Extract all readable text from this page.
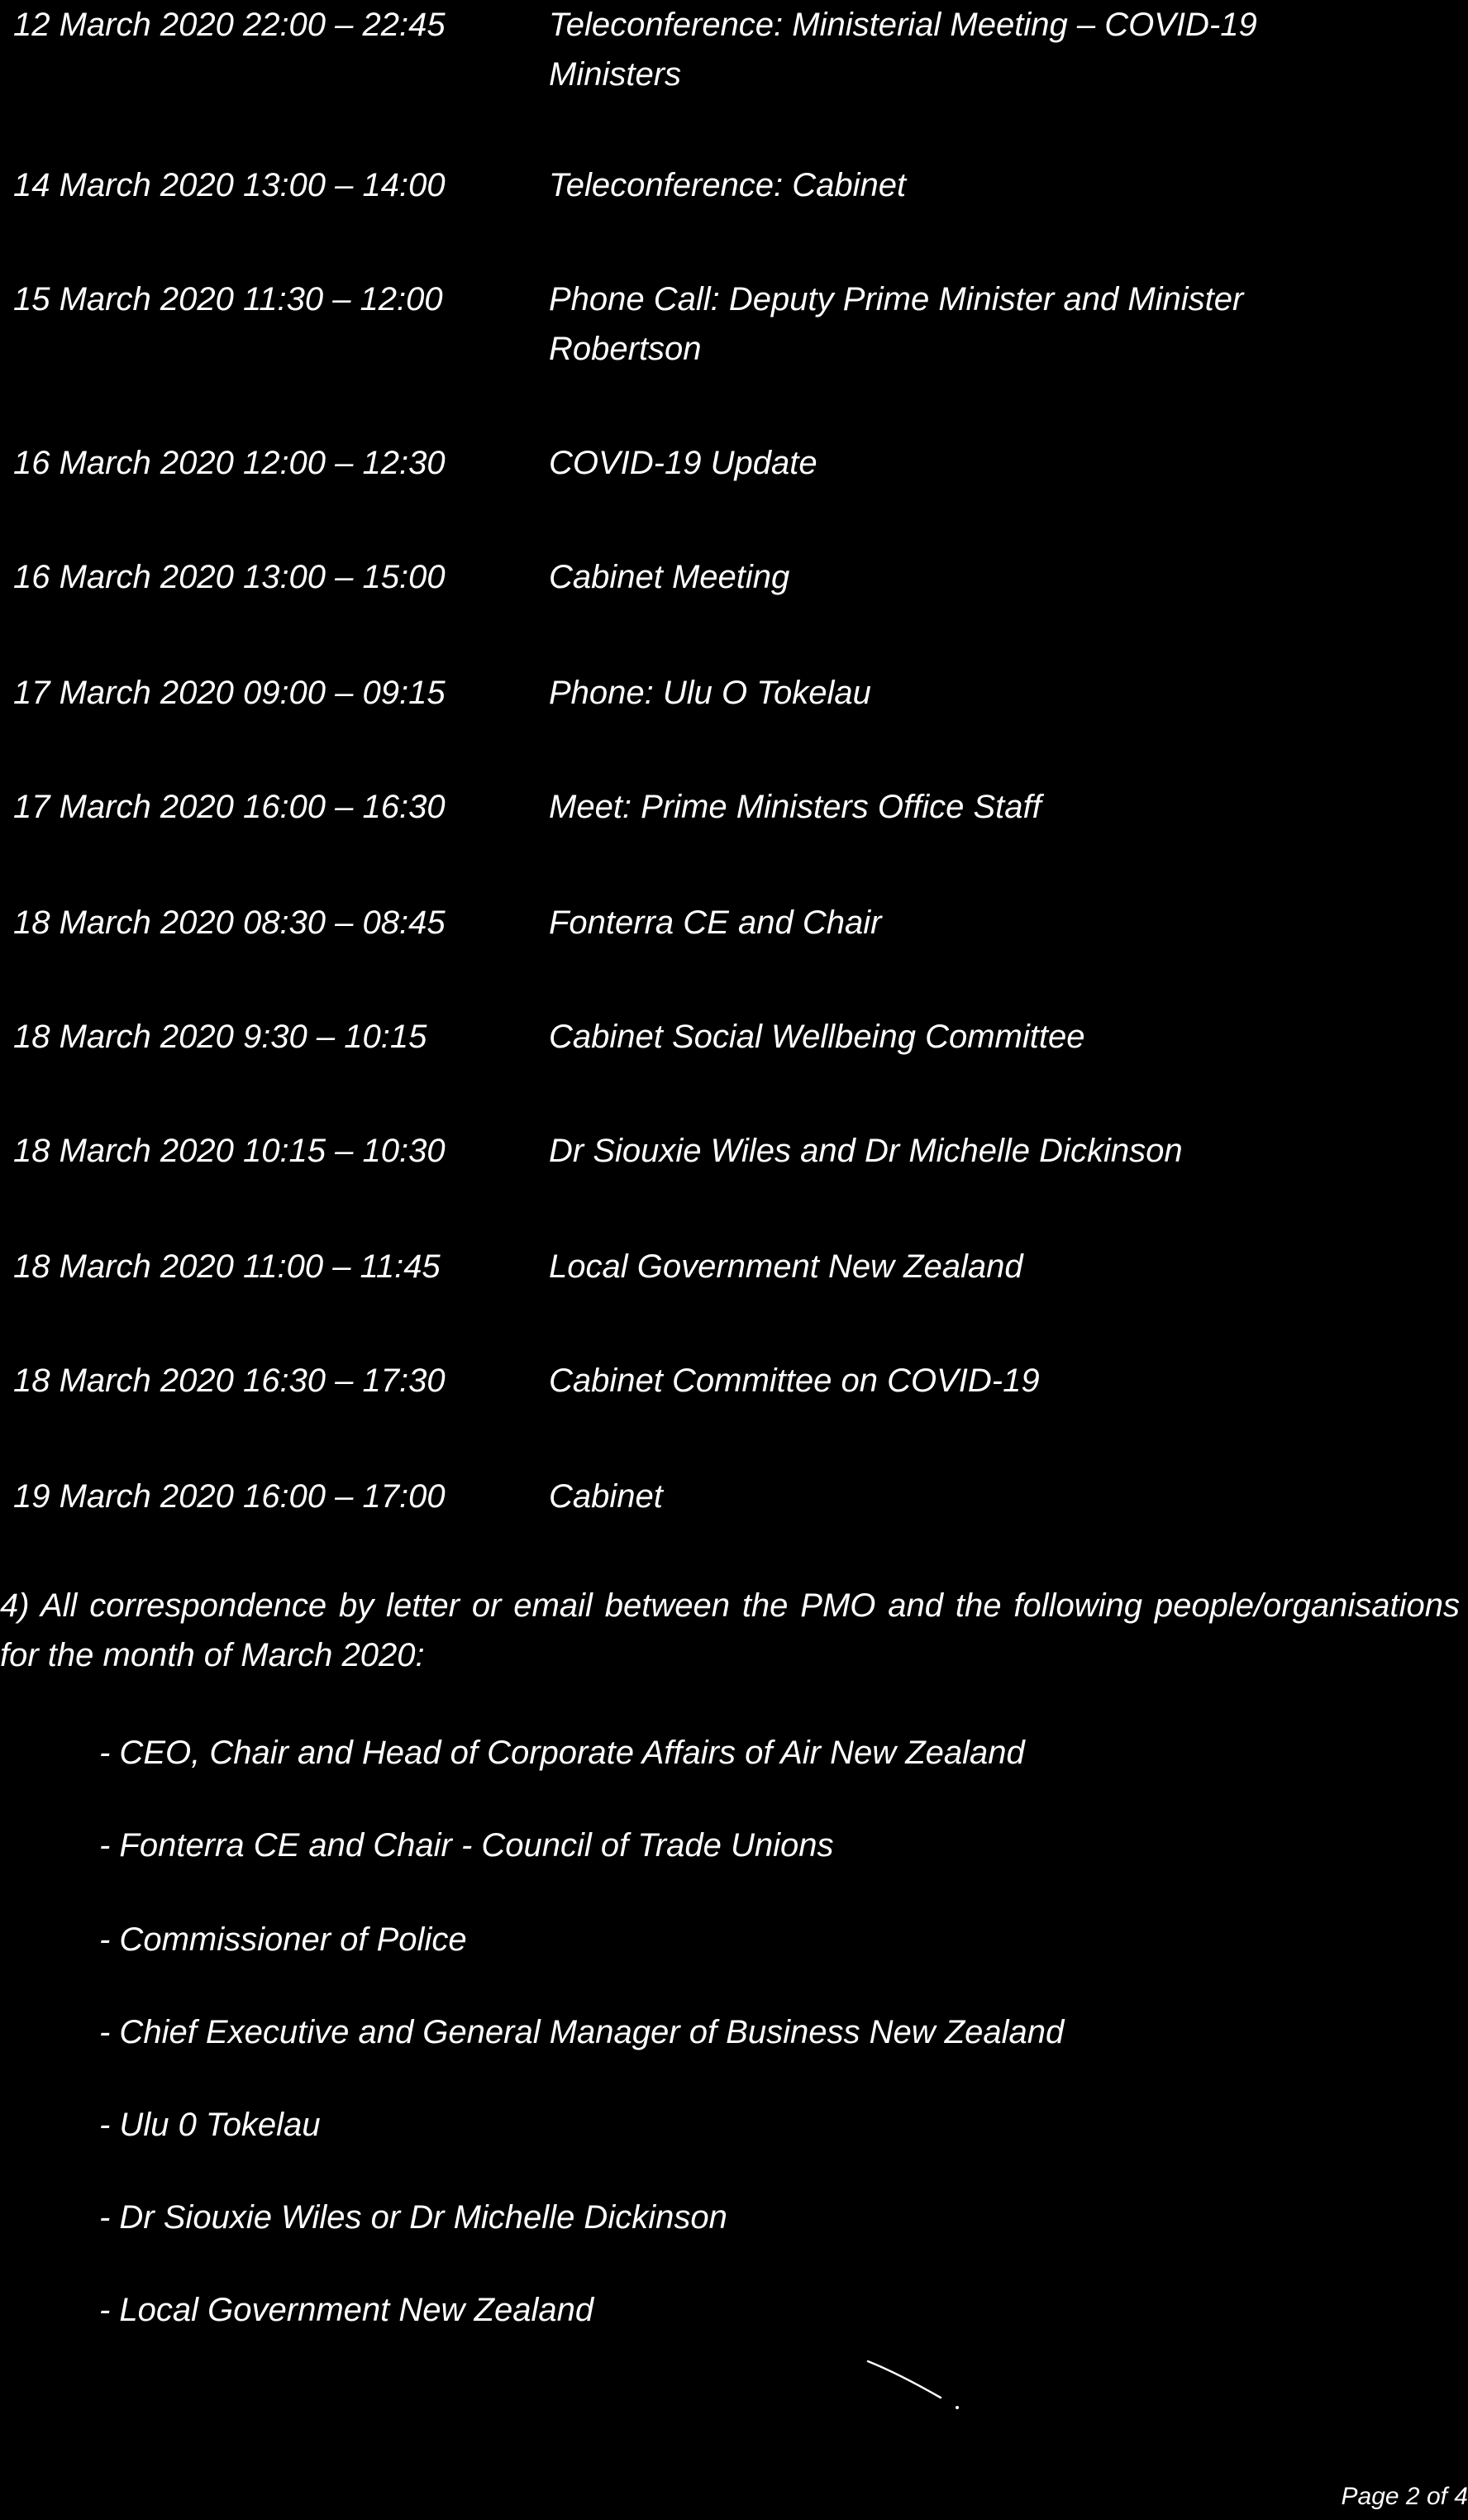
12 March 2020 22:00 – 22:45	Teleconference: Ministerial Meeting – COVID-19 Ministers
14 March 2020 13:00 – 14:00	Teleconference: Cabinet
15 March 2020 11:30 – 12:00	Phone Call: Deputy Prime Minister and Minister Robertson
16 March 2020 12:00 – 12:30	COVID-19 Update
16 March 2020 13:00 – 15:00	Cabinet Meeting
17 March 2020 09:00 – 09:15	Phone: Ulu O Tokelau
17 March 2020 16:00 – 16:30	Meet: Prime Ministers Office Staff
18 March 2020 08:30 – 08:45	Fonterra CE and Chair
18 March 2020 9:30 – 10:15	Cabinet Social Wellbeing Committee
18 March 2020 10:15 – 10:30	Dr Siouxie Wiles and Dr Michelle Dickinson
18 March 2020 11:00 – 11:45	Local Government New Zealand
18 March 2020 16:30 – 17:30	Cabinet Committee on COVID-19
19 March 2020 16:00 – 17:00	Cabinet
4) All correspondence by letter or email between the PMO and the following people/organisations for the month of March 2020:
- CEO, Chair and Head of Corporate Affairs of Air New Zealand
- Fonterra CE and Chair - Council of Trade Unions
- Commissioner of Police
- Chief Executive and General Manager of Business New Zealand
- Ulu 0 Tokelau
- Dr Siouxie Wiles or Dr Michelle Dickinson
- Local Government New Zealand
Page 2 of 4
